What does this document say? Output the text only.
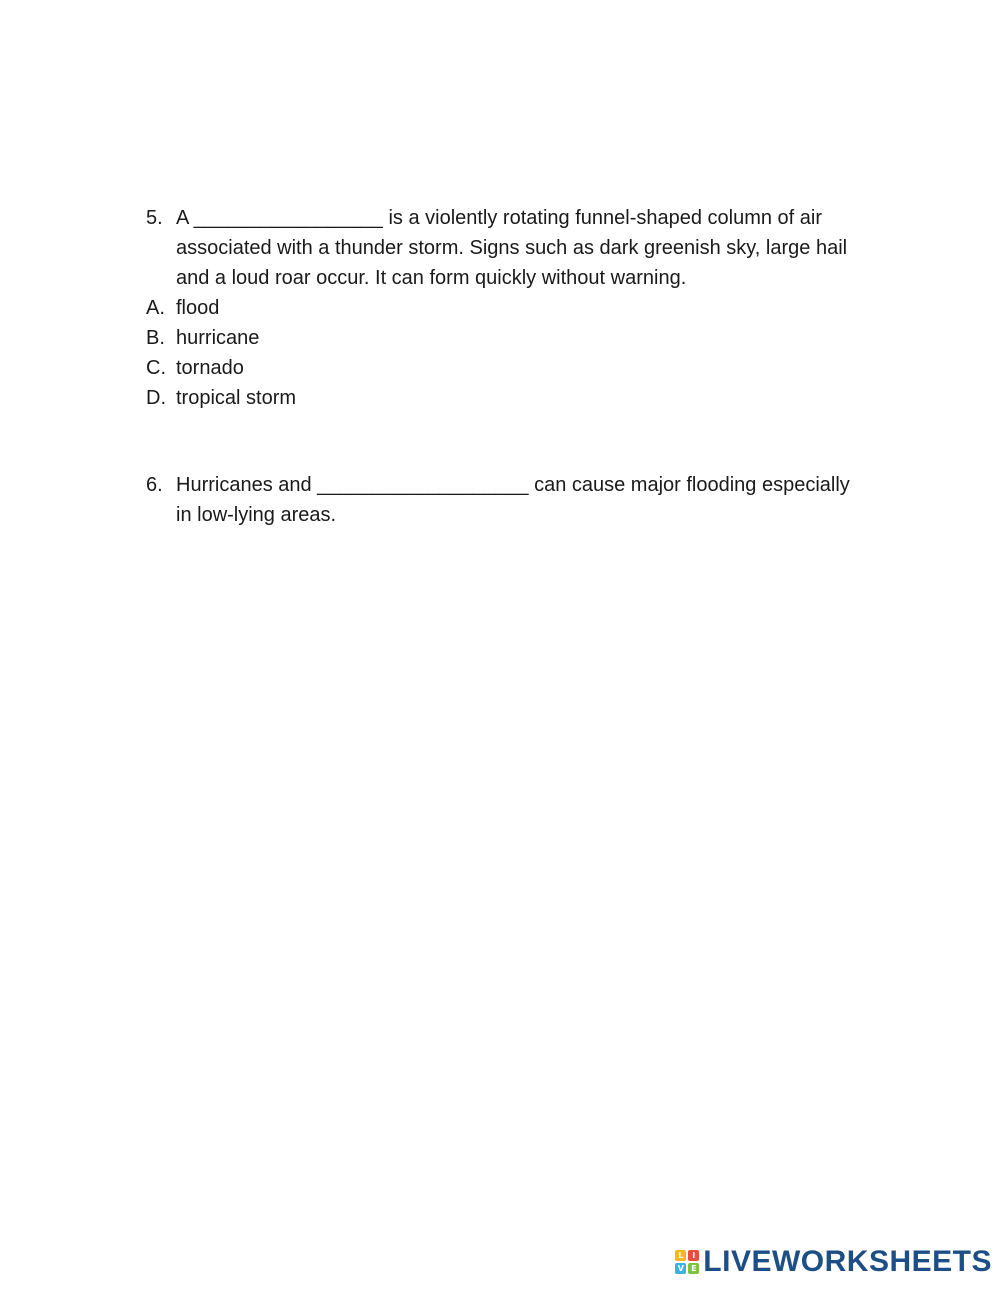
5. A _________________ is a violently rotating funnel-shaped column of air
associated with a thunder storm. Signs such as dark greenish sky, large hail
and a loud roar occur. It can form quickly without warning.
A. flood
B. hurricane
C. tornado
D. tropical storm
6. Hurricanes and ___________________ can cause major flooding especially
in low-lying areas.
L	I
V E LIVEWORKSHEETS
